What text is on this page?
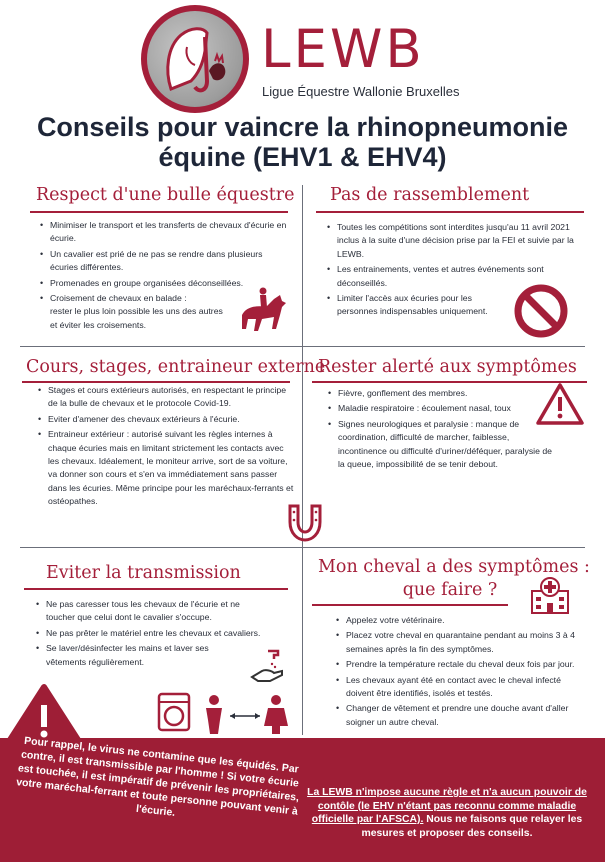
LEWB
Ligue Équestre Wallonie Bruxelles
Conseils pour vaincre la rhinopneumonie
équine (EHV1 & EHV4)
Respect d'une bulle équestre
• Minimiser le transport et les transferts de chevaux d'écurie en écurie.
• Un cavalier est prié de ne pas se rendre dans plusieurs écuries différentes.
• Promenades en groupe organisées déconseillées.
• Croisement de chevaux en balade :
rester le plus loin possible les uns des autres et éviter les croisements.
Pas de rassemblement
• Toutes les compétitions sont interdites jusqu'au 11 avril 2021 inclus à la suite d'une décision prise par la FEI et suivie par la LEWB.
• Les entrainements, ventes et autres événements sont déconseillés.
• Limiter l'accès aux écuries pour les personnes indispensables uniquement.
Cours, stages, entraineur externe
• Stages et cours extérieurs autorisés, en respectant le principe de la bulle de chevaux et le protocole Covid-19.
• Eviter d'amener des chevaux extérieurs à l'écurie.
• Entraineur extérieur : autorisé suivant les règles internes à chaque écuries mais en limitant strictement les contacts avec les chevaux. Idéalement, le moniteur arrive, sort de sa voiture, va donner son cours et s'en va immédiatement sans passer dans les écuries. Même principe pour les maréchaux-ferrants et ostéopathes.
Rester alerté aux symptômes
• Fièvre, gonflement des membres.
• Maladie respiratoire : écoulement nasal, toux
• Signes neurologiques et paralysie : manque de coordination, difficulté de marcher, faiblesse, incontinence ou difficulté d'uriner/déféquer, paralysie de la queue, impossibilité de se tenir debout.
Eviter la transmission
• Ne pas caresser tous les chevaux de l'écurie et ne toucher que celui dont le cavalier s'occupe.
• Ne pas prêter le matériel entre les chevaux et cavaliers.
• Se laver/désinfecter les mains et laver ses vêtements régulièrement.
Mon cheval a des symptômes :
que faire ?
• Appelez votre vétérinaire.
• Placez votre cheval en quarantaine pendant au moins 3 à 4 semaines après la fin des symptômes.
• Prendre la température rectale du cheval deux fois par jour.
• Les chevaux ayant été en contact avec le cheval infecté doivent être identifiés, isolés et testés.
• Changer de vêtement et prendre une douche avant d'aller soigner un autre cheval.
Pour rappel, le virus ne contamine que les équidés. Par contre, il est transmissible par l'homme ! Si votre écurie est touchée, il est impératif de prévenir les propriétaires, votre maréchal-ferrant et toute personne pouvant venir à l'écurie.
La LEWB n'impose aucune règle et n'a aucun pouvoir de contôle (le EHV n'étant pas reconnu comme maladie officielle par l'AFSCA). Nous ne faisons que relayer les mesures et proposer des conseils.
